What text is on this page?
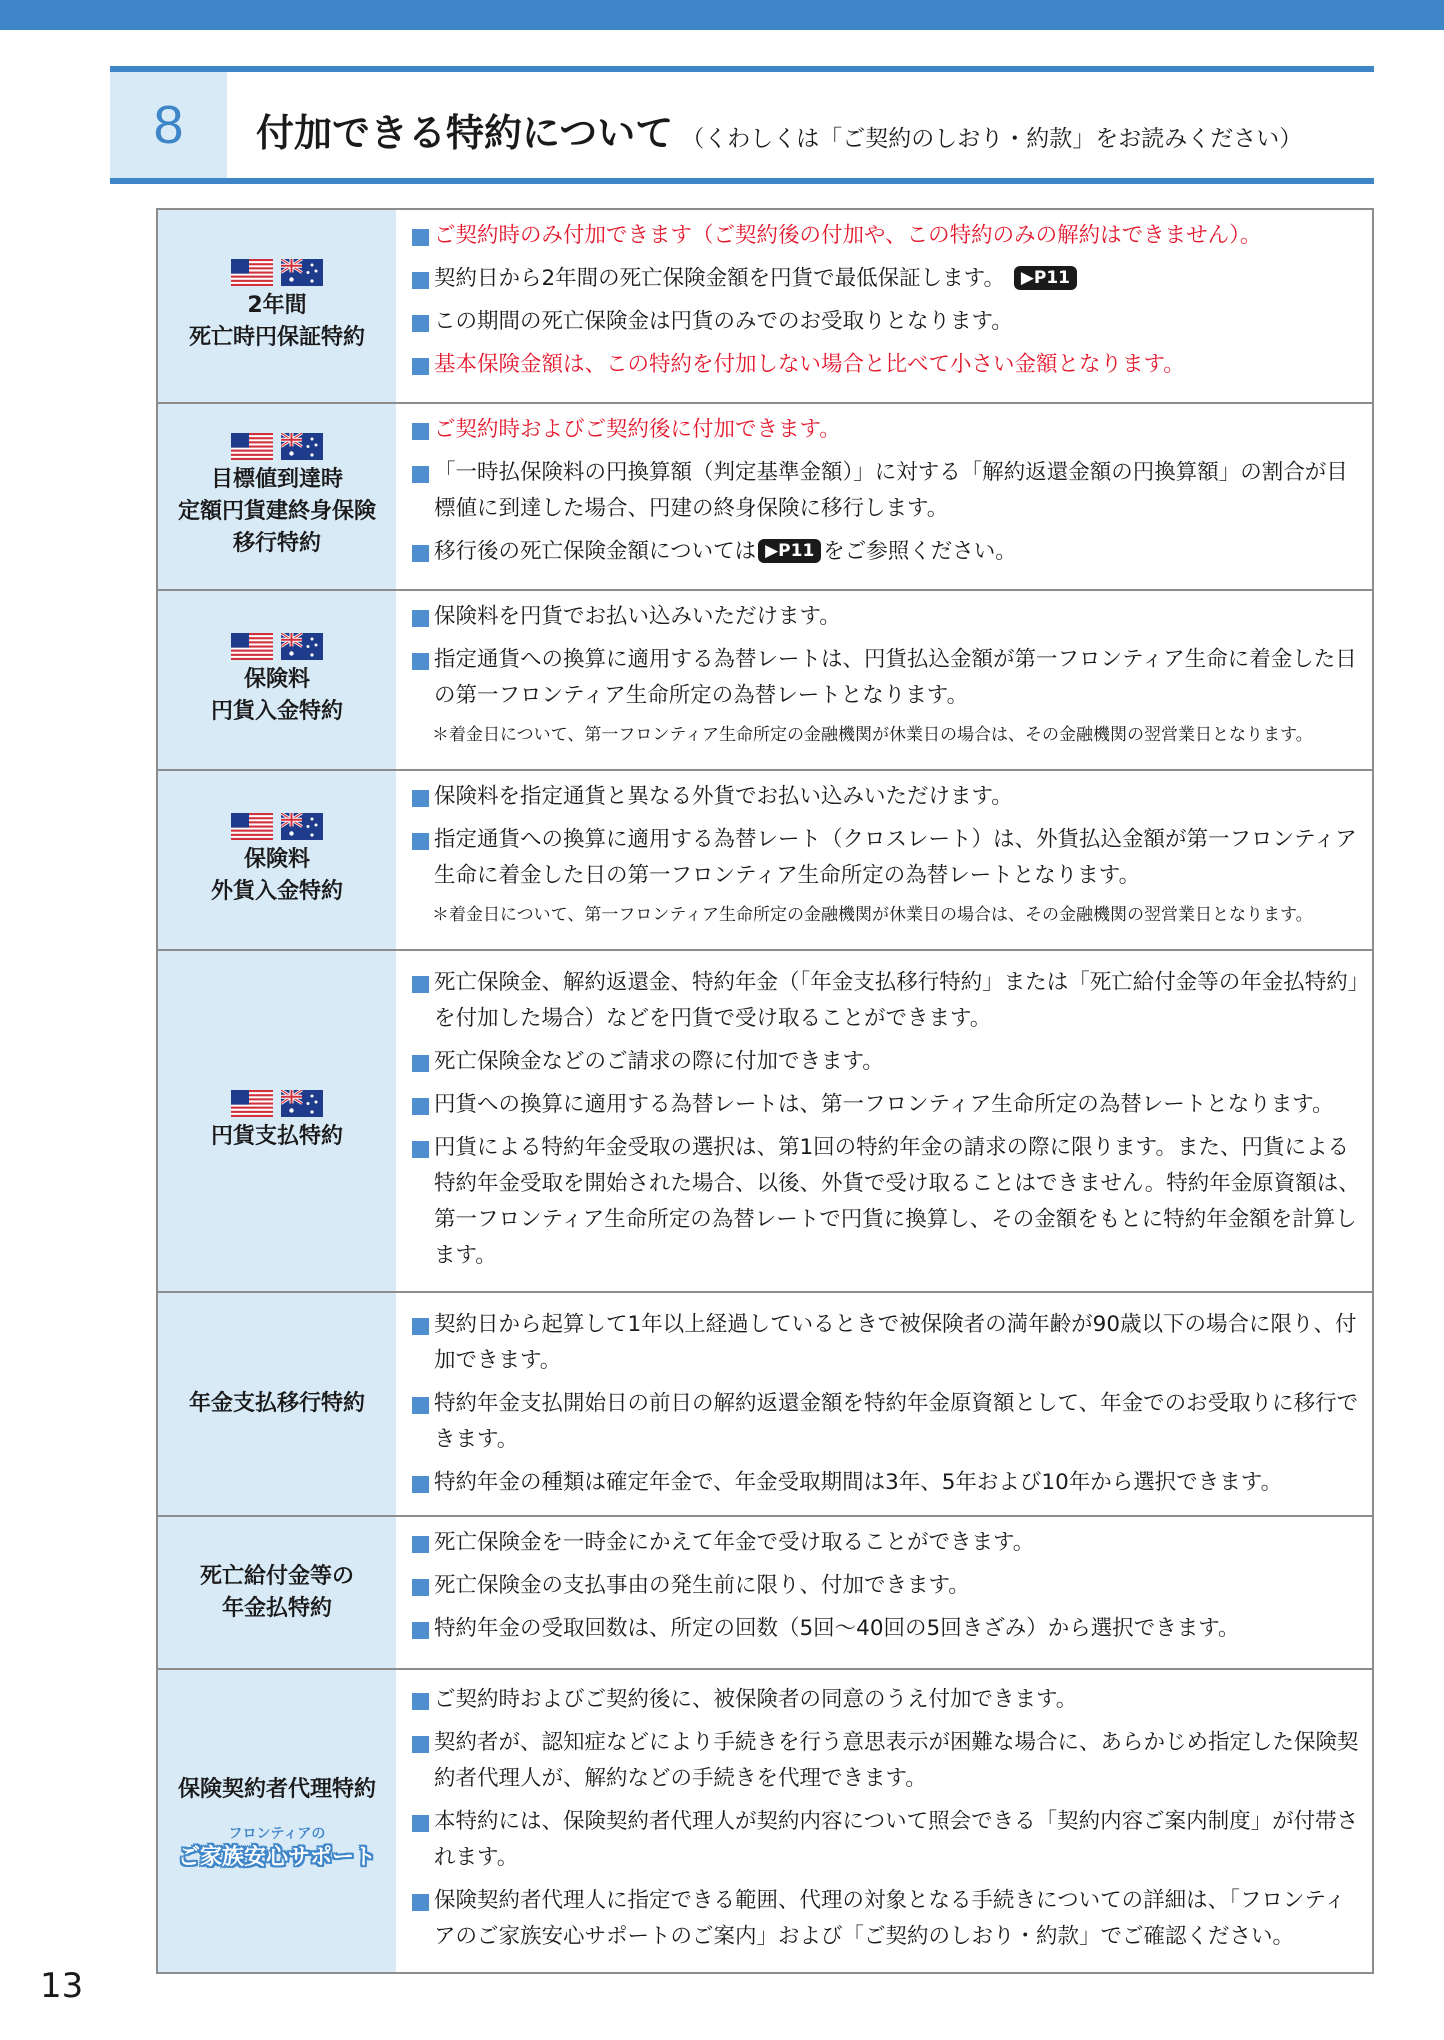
8	付加できる特約について （くわしくは「ご契約のしおり・約款」をお読みください）
2年間
死亡時円保証特約
ご契約時のみ付加できます（ご契約後の付加や、この特約のみの解約はできません）。
契約日から2年間の死亡保険金額を円貨で最低保証します。 ▶P11
この期間の死亡保険金は円貨のみでのお受取りとなります。
基本保険金額は、この特約を付加しない場合と比べて小さい金額となります。
目標値到達時
定額円貨建終身保険
移行特約
ご契約時およびご契約後に付加できます。
「一時払保険料の円換算額（判定基準金額）」に対する「解約返還金額の円換算額」の割合が目標値に到達した場合、円建の終身保険に移行します。
移行後の死亡保険金額については ▶P11 をご参照ください。
保険料
円貨入金特約
保険料を円貨でお払い込みいただけます。
指定通貨への換算に適用する為替レートは、円貨払込金額が第一フロンティア生命に着金した日の第一フロンティア生命所定の為替レートとなります。
＊着金日について、第一フロンティア生命所定の金融機関が休業日の場合は、その金融機関の翌営業日となります。
保険料
外貨入金特約
保険料を指定通貨と異なる外貨でお払い込みいただけます。
指定通貨への換算に適用する為替レート（クロスレート）は、外貨払込金額が第一フロンティア生命に着金した日の第一フロンティア生命所定の為替レートとなります。
＊着金日について、第一フロンティア生命所定の金融機関が休業日の場合は、その金融機関の翌営業日となります。
円貨支払特約
死亡保険金、解約返還金、特約年金（「年金支払移行特約」または「死亡給付金等の年金払特約」を付加した場合）などを円貨で受け取ることができます。
死亡保険金などのご請求の際に付加できます。
円貨への換算に適用する為替レートは、第一フロンティア生命所定の為替レートとなります。
円貨による特約年金受取の選択は、第1回の特約年金の請求の際に限ります。また、円貨による特約年金受取を開始された場合、以後、外貨で受け取ることはできません。特約年金原資額は、第一フロンティア生命所定の為替レートで円貨に換算し、その金額をもとに特約年金額を計算します。
年金支払移行特約
契約日から起算して1年以上経過しているときで被保険者の満年齢が90歳以下の場合に限り、付加できます。
特約年金支払開始日の前日の解約返還金額を特約年金原資額として、年金でのお受取りに移行できます。
特約年金の種類は確定年金で、年金受取期間は3年、5年および10年から選択できます。
死亡給付金等の
年金払特約
死亡保険金を一時金にかえて年金で受け取ることができます。
死亡保険金の支払事由の発生前に限り、付加できます。
特約年金の受取回数は、所定の回数（5回～40回の5回きざみ）から選択できます。
保険契約者代理特約
フロンティアの
ご家族安心サポート
ご契約時およびご契約後に、被保険者の同意のうえ付加できます。
契約者が、認知症などにより手続きを行う意思表示が困難な場合に、あらかじめ指定した保険契約者代理人が、解約などの手続きを代理できます。
本特約には、保険契約者代理人が契約内容について照会できる「契約内容ご案内制度」が付帯されます。
保険契約者代理人に指定できる範囲、代理の対象となる手続きについての詳細は、「フロンティアのご家族安心サポートのご案内」および「ご契約のしおり・約款」でご確認ください。
13
